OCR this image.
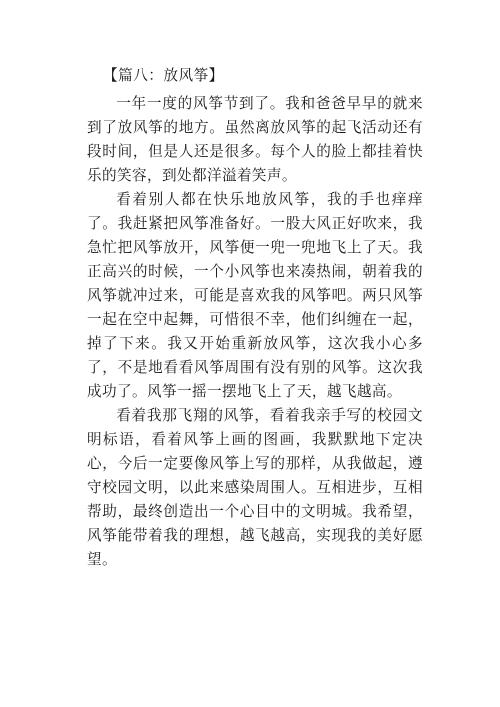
【篇八：放风筝】

一年一度的风筝节到了。我和爸爸早早的就来到了放风筝的地方。虽然离放风筝的起飞活动还有段时间，但是人还是很多。每个人的脸上都挂着快乐的笑容，到处都洋溢着笑声。

看着别人都在快乐地放风筝，我的手也痒痒了。我赶紧把风筝准备好。一股大风正好吹来，我急忙把风筝放开，风筝便一兜一兜地飞上了天。我正高兴的时候，一个小风筝也来凑热闹，朝着我的风筝就冲过来，可能是喜欢我的风筝吧。两只风筝一起在空中起舞，可惜很不幸，他们纠缠在一起，掉了下来。我又开始重新放风筝，这次我小心多了，不是地看看风筝周围有没有别的风筝。这次我成功了。风筝一摇一摆地飞上了天，越飞越高。

看着我那飞翔的风筝，看着我亲手写的校园文明标语，看着风筝上画的图画，我默默地下定决心，今后一定要像风筝上写的那样，从我做起，遵守校园文明，以此来感染周围人。互相进步，互相帮助，最终创造出一个心目中的文明城。我希望，风筝能带着我的理想，越飞越高，实现我的美好愿望。
